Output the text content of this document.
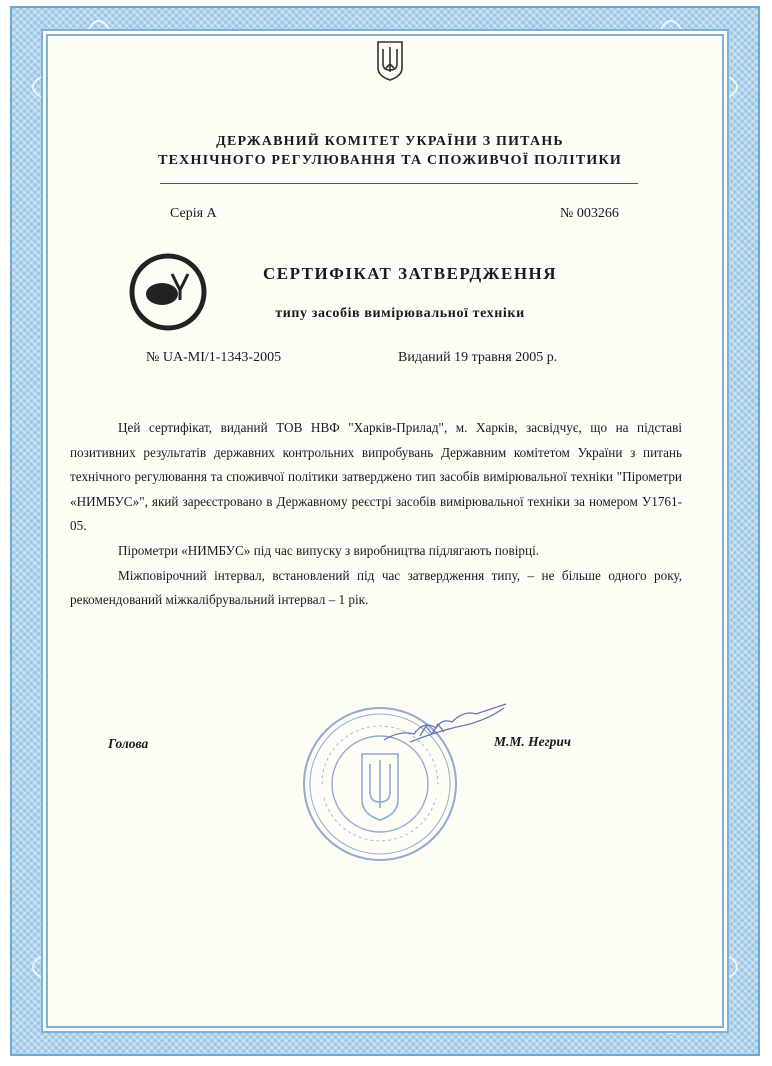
ДЕРЖАВНИЙ КОМІТЕТ УКРАЇНИ З ПИТАНЬ
ТЕХНІЧНОГО РЕГУЛЮВАННЯ ТА СПОЖИВЧОЇ ПОЛІТИКИ
Серія А	№ 003266
СЕРТИФІКАТ ЗАТВЕРДЖЕННЯ
типу засобів вимірювальної техніки
№ UA-MI/1-1343-2005	Виданий 19 травня 2005 р.

Цей сертифікат, виданий ТОВ НВФ "Харків-Прилад", м. Харків, засвідчує, що на підставі позитивних результатів державних контрольних випробувань Державним комітетом України з питань технічного регулювання та споживчої політики затверджено тип засобів вимірювальної техніки "Пірометри «НИМБУС»", який зареєстровано в Державному реєстрі засобів вимірювальної техніки за номером У1761-05.

Пірометри «НИМБУС» під час випуску з виробництва підлягають повірці.

Міжповірочний інтервал, встановлений під час затвердження типу, – не більше одного року, рекомендований міжкалібрувальний інтервал – 1 рік.

Голова	М.М. Негрич
